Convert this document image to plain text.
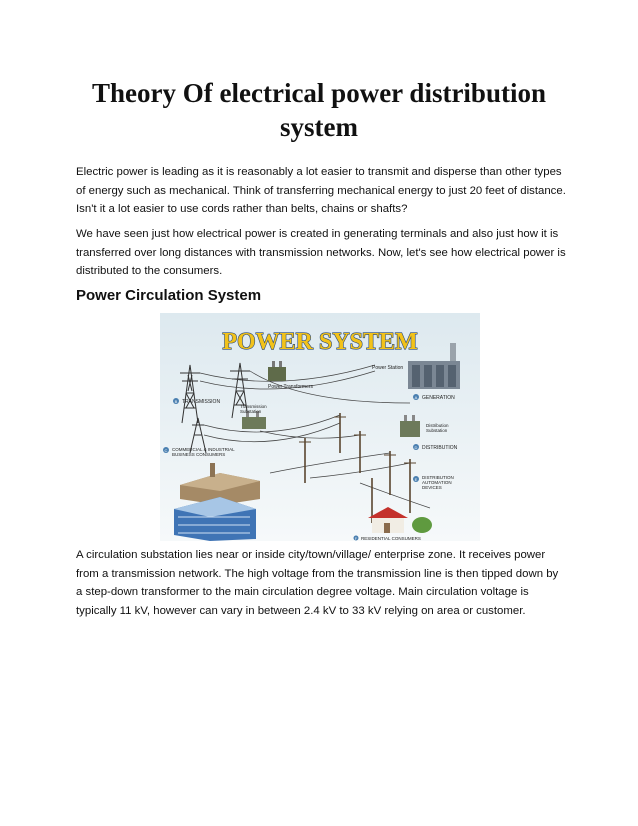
Theory Of electrical power distribution system

Electric power is leading as it is reasonably a lot easier to transmit and disperse than other types of energy such as mechanical. Think of transferring mechanical energy to just 20 feet of distance. Isn't it a lot easier to use cords rather than belts, chains or shafts?

We have seen just how electrical power is created in generating terminals and also just how it is transferred over long distances with transmission networks. Now, let's see how electrical power is distributed to the consumers.

Power Circulation System
POWER SYSTEM
Power Transformers
Power Station
A GENERATION
B TRANSMISSION
Transmission
Substation
Distribution
Substation
D DISTRIBUTION
C COMMERCIAL & INDUSTRIAL
BUSINESS CONSUMERS
E DISTRIBUTION
AUTOMATION
DEVICES
F RESIDENTIAL CONSUMERS

A circulation substation lies near or inside city/town/village/ enterprise zone. It receives power from a transmission network. The high voltage from the transmission line is then tipped down by a step-down transformer to the main circulation degree voltage. Main circulation voltage is typically 11 kV, however can vary in between 2.4 kV to 33 kV relying on area or customer.
